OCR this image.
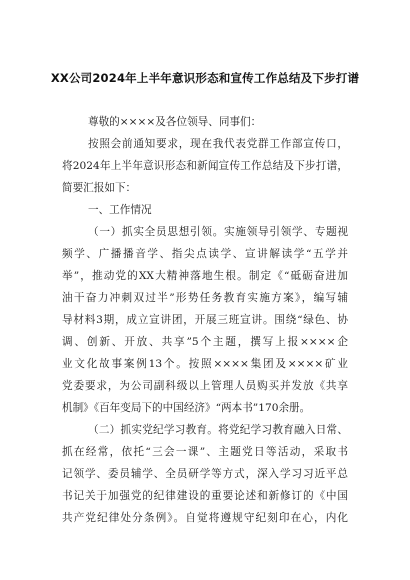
XX公司2024年上半年意识形态和宣传工作总结及下步打谱
尊敬的××××及各位领导、同事们：
按照会前通知要求，现在我代表党群工作部宣传口，
将2024年上半年意识形态和新闻宣传工作总结及下步打谱，
简要汇报如下：
一、工作情况
（一）抓实全员思想引领。实施领导引领学、专题视
频学、广播播音学、指尖点读学、宣讲解读学“五学并
举”，推动党的XX大精神落地生根。制定《“砥砺奋进加
油干奋力冲刺双过半”形势任务教育实施方案》，编写辅
导材料3期，成立宣讲团，开展三班宣讲。围绕“绿色、协
调、创新、开放、共享”5个主题，撰写上报××××企
业文化故事案例13个。按照××××集团及××××矿业
党委要求，为公司副科级以上管理人员购买并发放《共享
机制》《百年变局下的中国经济》“两本书”170余册。
（二）抓实党纪学习教育。将党纪学习教育融入日常、
抓在经常，依托“三会一课”、主题党日等活动，采取书
记领学、委员辅学、全员研学等方式，深入学习习近平总
书记关于加强党的纪律建设的重要论述和新修订的《中国
共产党纪律处分条例》。自觉将遵规守纪刻印在心，内化
